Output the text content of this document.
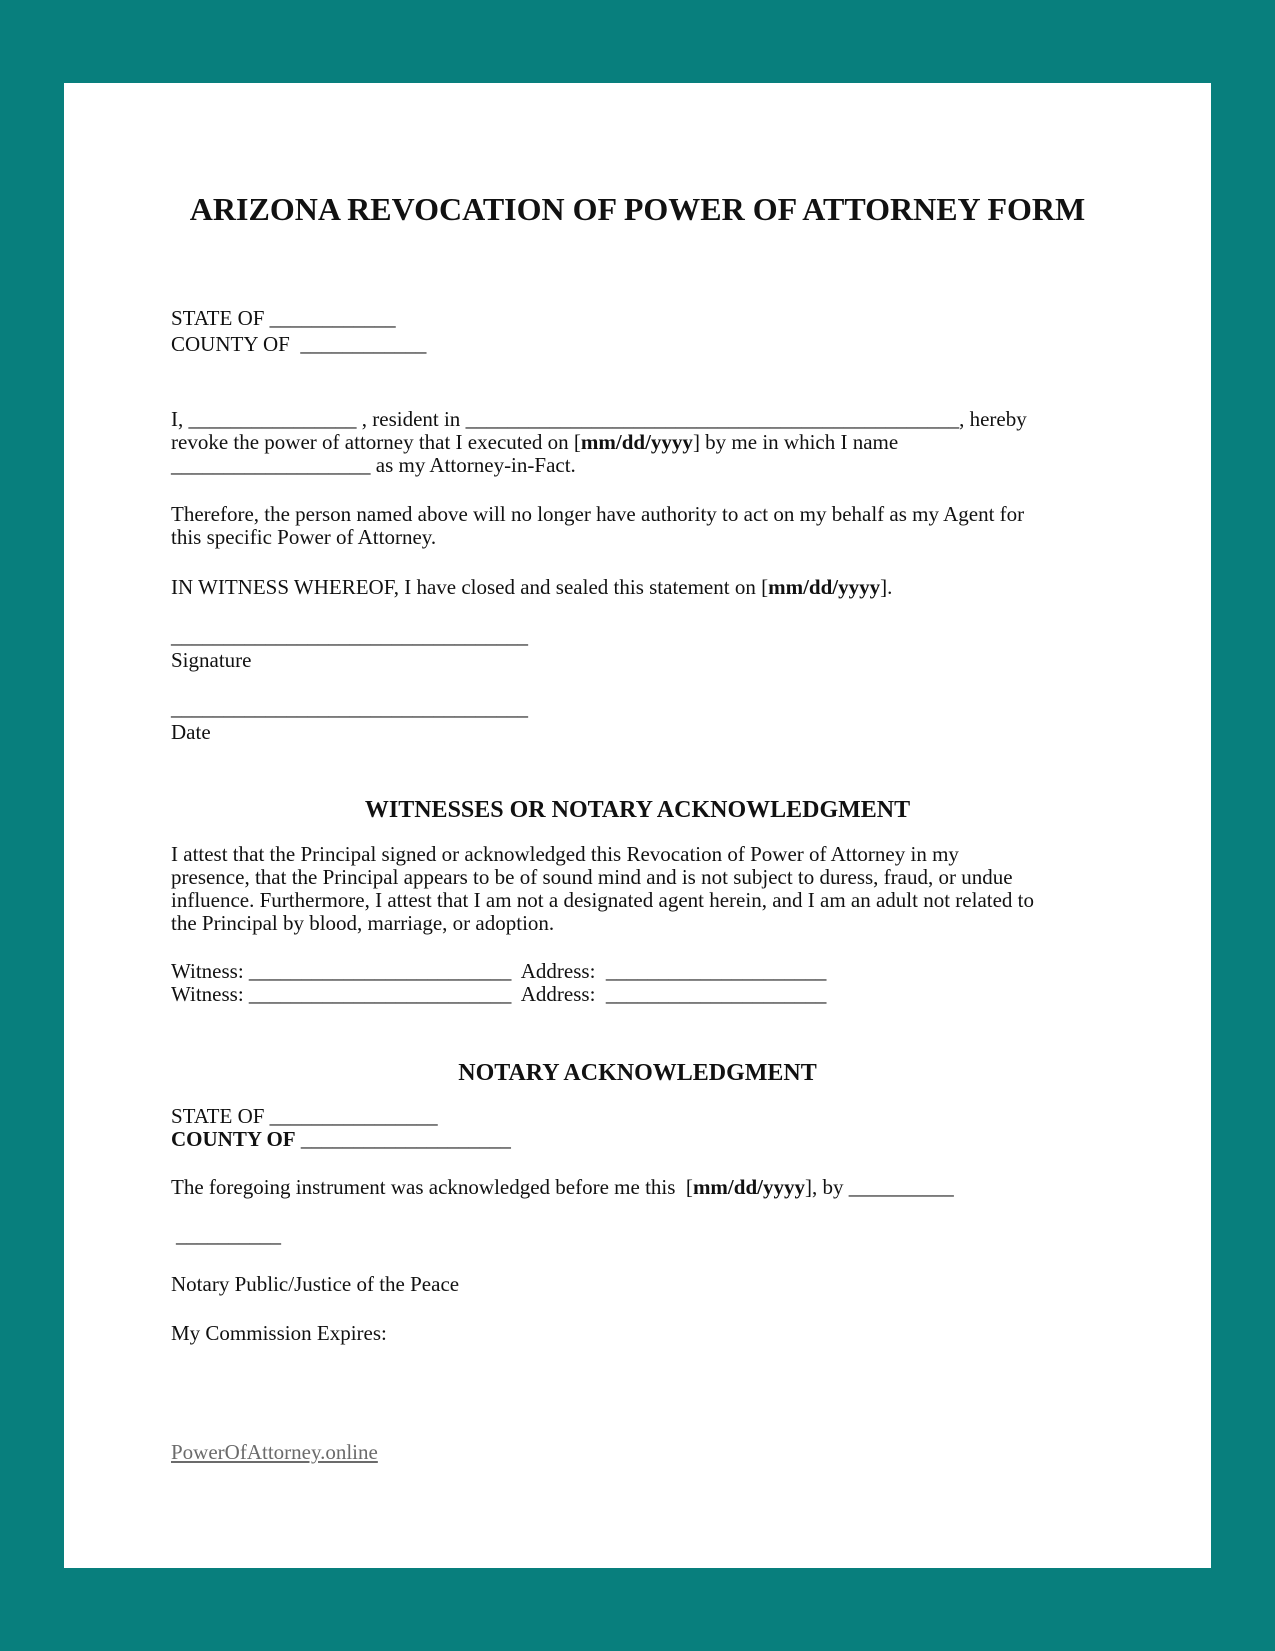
ARIZONA REVOCATION OF POWER OF ATTORNEY FORM
STATE OF ____________
COUNTY OF ____________
I, ________________ , resident in _______________________________________________, hereby
revoke the power of attorney that I executed on [mm/dd/yyyy] by me in which I name
___________________ as my Attorney-in-Fact.
Therefore, the person named above will no longer have authority to act on my behalf as my Agent for
this specific Power of Attorney.
IN WITNESS WHEREOF, I have closed and sealed this statement on [mm/dd/yyyy].
__________________________________
Signature
__________________________________
Date
WITNESSES OR NOTARY ACKNOWLEDGMENT
I attest that the Principal signed or acknowledged this Revocation of Power of Attorney in my
presence, that the Principal appears to be of sound mind and is not subject to duress, fraud, or undue
influence. Furthermore, I attest that I am not a designated agent herein, and I am an adult not related to
the Principal by blood, marriage, or adoption.
Witness: _________________________ Address: _____________________
Witness: _________________________ Address: _____________________
NOTARY ACKNOWLEDGMENT
STATE OF ________________
COUNTY OF ____________________
The foregoing instrument was acknowledged before me this  [mm/dd/yyyy], by __________
__________
Notary Public/Justice of the Peace
My Commission Expires:
PowerOfAttorney.online
